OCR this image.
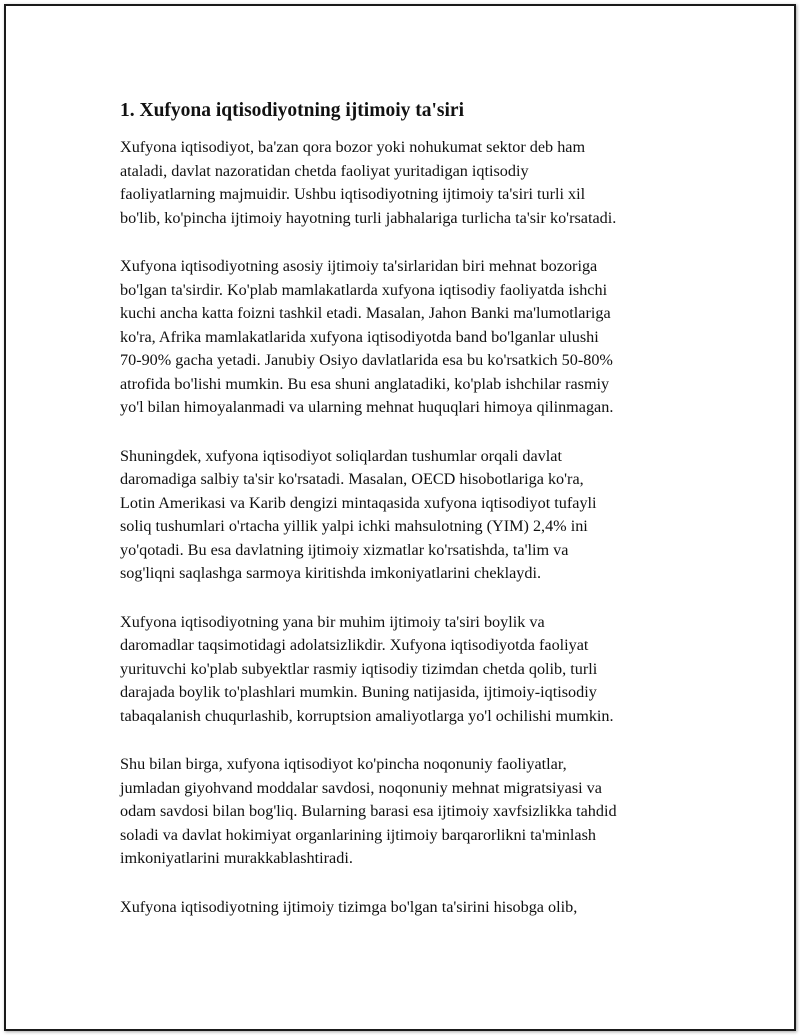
1. Xufyona iqtisodiyotning ijtimoiy ta'siri

Xufyona iqtisodiyot, ba'zan qora bozor yoki nohukumat sektor deb ham
ataladi, davlat nazoratidan chetda faoliyat yuritadigan iqtisodiy
faoliyatlarning majmuidir. Ushbu iqtisodiyotning ijtimoiy ta'siri turli xil
bo'lib, ko'pincha ijtimoiy hayotning turli jabhalariga turlicha ta'sir ko'rsatadi.

Xufyona iqtisodiyotning asosiy ijtimoiy ta'sirlaridan biri mehnat bozoriga
bo'lgan ta'sirdir. Ko'plab mamlakatlarda xufyona iqtisodiy faoliyatda ishchi
kuchi ancha katta foizni tashkil etadi. Masalan, Jahon Banki ma'lumotlariga
ko'ra, Afrika mamlakatlarida xufyona iqtisodiyotda band bo'lganlar ulushi
70-90% gacha yetadi. Janubiy Osiyo davlatlarida esa bu ko'rsatkich 50-80%
atrofida bo'lishi mumkin. Bu esa shuni anglatadiki, ko'plab ishchilar rasmiy
yo'l bilan himoyalanmadi va ularning mehnat huquqlari himoya qilinmagan.

Shuningdek, xufyona iqtisodiyot soliqlardan tushumlar orqali davlat
daromadiga salbiy ta'sir ko'rsatadi. Masalan, OECD hisobotlariga ko'ra,
Lotin Amerikasi va Karib dengizi mintaqasida xufyona iqtisodiyot tufayli
soliq tushumlari o'rtacha yillik yalpi ichki mahsulotning (YIM) 2,4% ini
yo'qotadi. Bu esa davlatning ijtimoiy xizmatlar ko'rsatishda, ta'lim va
sog'liqni saqlashga sarmoya kiritishda imkoniyatlarini cheklaydi.

Xufyona iqtisodiyotning yana bir muhim ijtimoiy ta'siri boylik va
daromadlar taqsimotidagi adolatsizlikdir. Xufyona iqtisodiyotda faoliyat
yurituvchi ko'plab subyektlar rasmiy iqtisodiy tizimdan chetda qolib, turli
darajada boylik to'plashlari mumkin. Buning natijasida, ijtimoiy-iqtisodiy
tabaqalanish chuqurlashib, korruptsion amaliyotlarga yo'l ochilishi mumkin.

Shu bilan birga, xufyona iqtisodiyot ko'pincha noqonuniy faoliyatlar,
jumladan giyohvand moddalar savdosi, noqonuniy mehnat migratsiyasi va
odam savdosi bilan bog'liq. Bularning barasi esa ijtimoiy xavfsizlikka tahdid
soladi va davlat hokimiyat organlarining ijtimoiy barqarorlikni ta'minlash
imkoniyatlarini murakkablashtiradi.

Xufyona iqtisodiyotning ijtimoiy tizimga bo'lgan ta'sirini hisobga olib,
